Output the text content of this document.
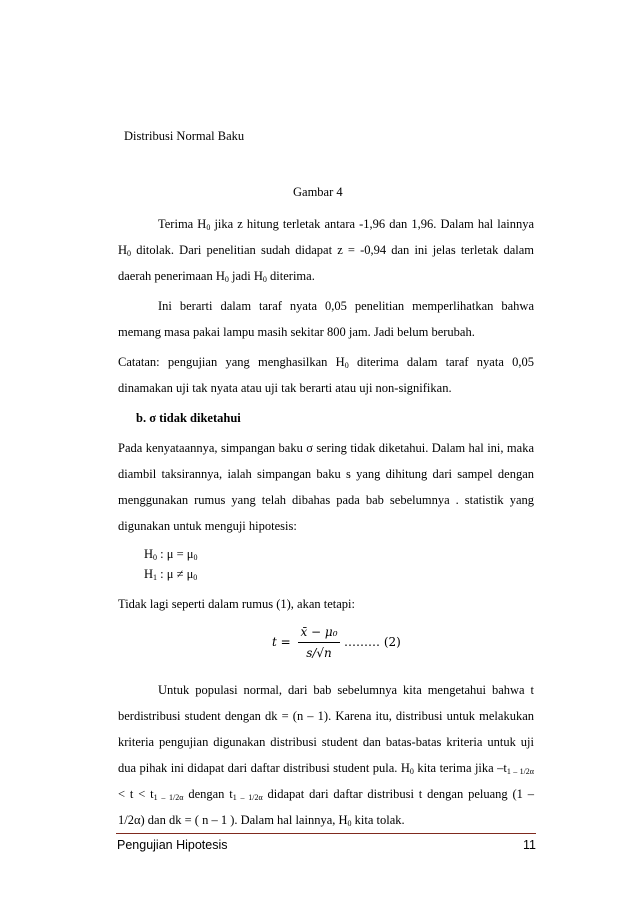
Distribusi Normal Baku
Gambar 4
Terima $H_0$ jika z hitung terletak antara -1,96 dan 1,96. Dalam hal lainnya
$H_0$ ditolak. Dari penelitian sudah didapat z = -0,94 dan ini jelas terletak dalam
daerah penerimaan $H_0$ jadi $H_0$ diterima.
Ini berarti dalam taraf nyata 0,05 penelitian memperlihatkan bahwa
memang masa pakai lampu masih sekitar 800 jam. Jadi belum berubah.
Catatan: pengujian yang menghasilkan $H_0$ diterima dalam taraf nyata 0,05
dinamakan uji tak nyata atau uji tak berarti atau uji non-signifikan.
b. σ tidak diketahui
Pada kenyataannya, simpangan baku σ sering tidak diketahui. Dalam hal ini, maka
diambil taksirannya, ialah simpangan baku s yang dihitung dari sampel dengan
menggunakan rumus yang telah dibahas pada bab sebelumnya . statistik yang
digunakan untuk menguji hipotesis:
$H_0$ : $\mu = \mu_0$
$H_1$ : $\mu \ne \mu_0$
Tidak lagi seperti dalam rumus (1), akan tetapi:
t =
x̄ − μ₀
s/√n
……… (2)
Untuk populasi normal, dari bab sebelumnya kita mengetahui bahwa t
berdistribusi student dengan dk = (n – 1). Karena itu, distribusi untuk melakukan
kriteria pengujian digunakan distribusi student dan batas-batas kriteria untuk uji
dua pihak ini didapat dari daftar distribusi student pula. $H_0$ kita terima jika $-t_{1 - 1/2\alpha}$
< $t < t_{1 - 1/2\alpha}$ dengan $t_{1 - 1/2\alpha}$ didapat dari daftar distribusi t dengan peluang (1 –
1/2α) dan dk = ( n – 1 ). Dalam hal lainnya, $H_0$ kita tolak.
Pengujian Hipotesis	11
